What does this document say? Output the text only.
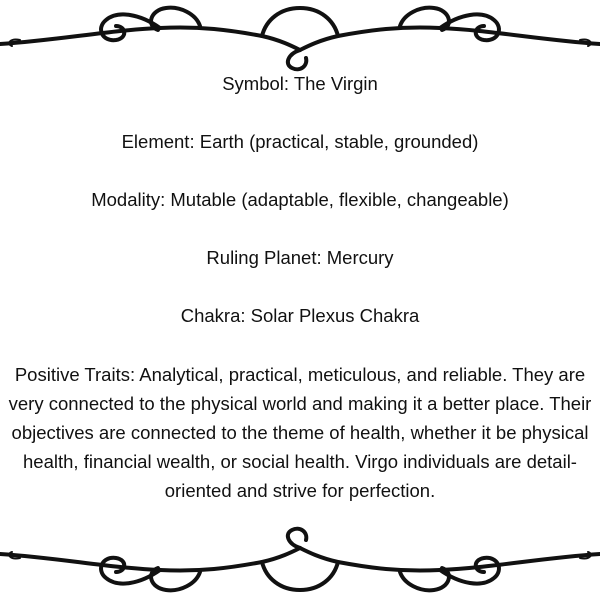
Symbol: The Virgin

Element: Earth (practical, stable, grounded)

Modality: Mutable (adaptable, flexible, changeable)

Ruling Planet: Mercury

Chakra: Solar Plexus Chakra

Positive Traits: Analytical, practical, meticulous, and reliable. They are very connected to the physical world and making it a better place. Their objectives are connected to the theme of health, whether it be physical health, financial wealth, or social health. Virgo individuals are detail-oriented and strive for perfection.
